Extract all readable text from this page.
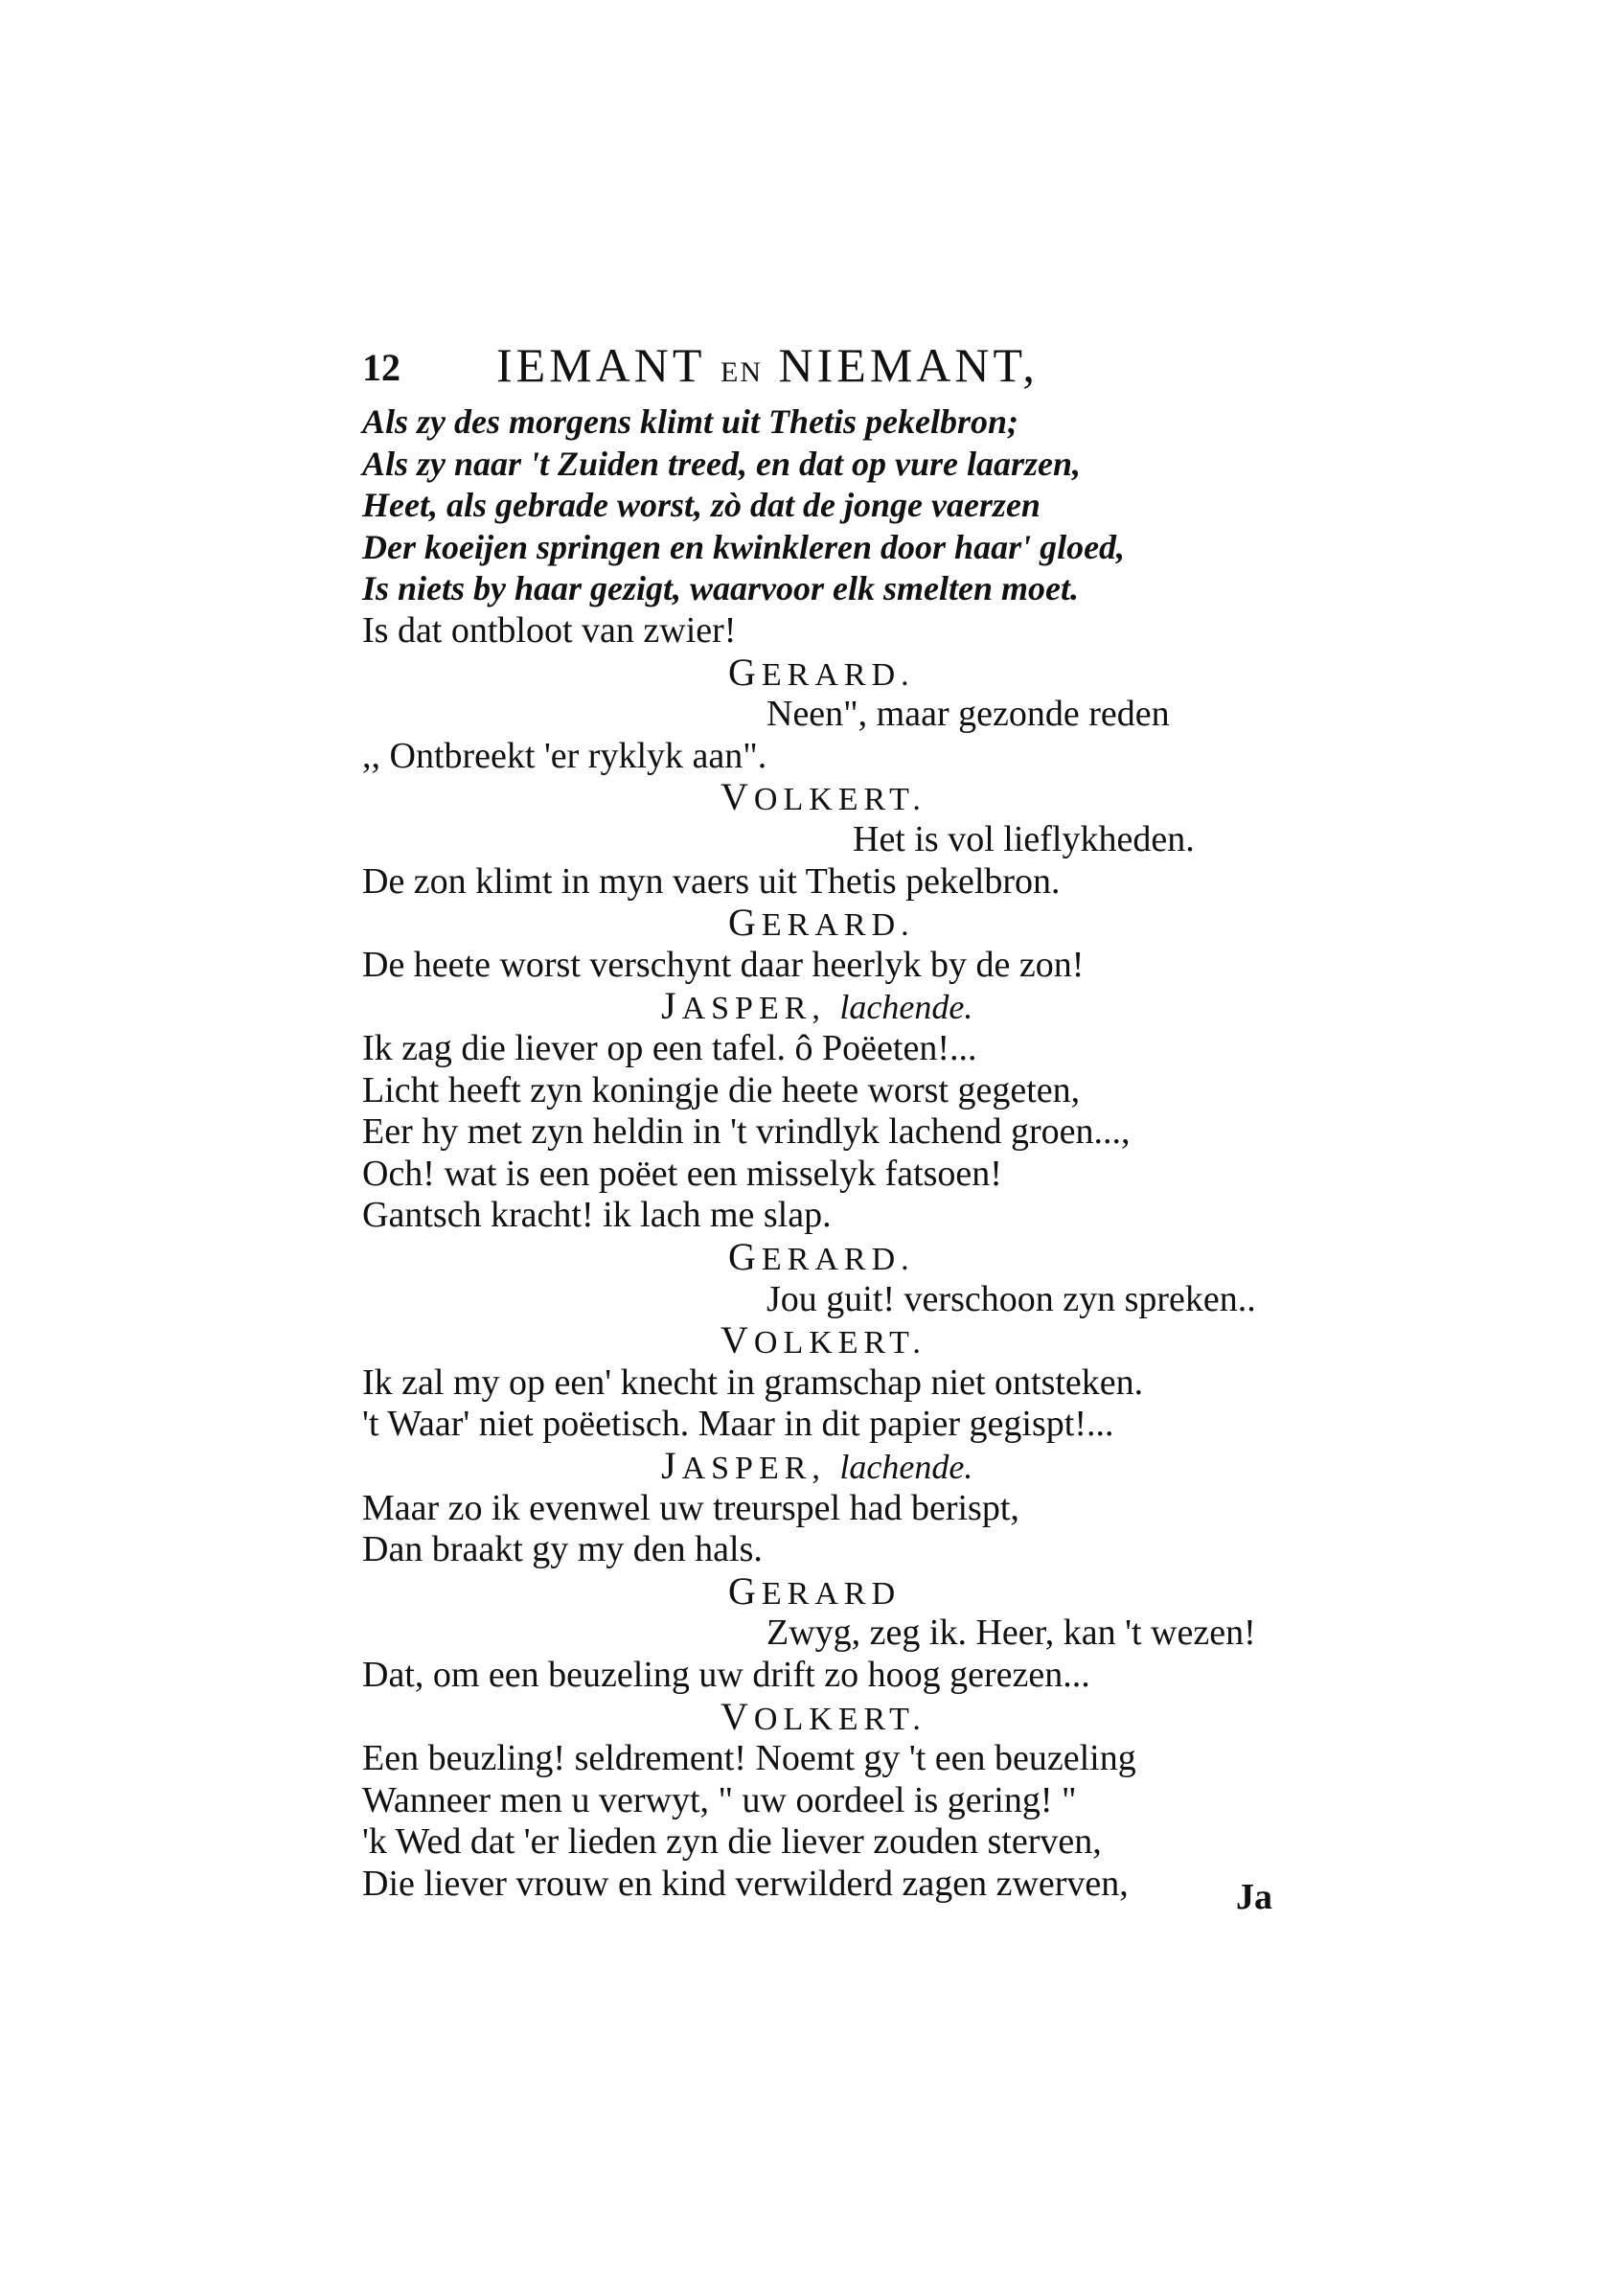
12 IEMANT EN NIEMANT,
Als zy des morgens klimt uit Thetis pekelbron;
Als zy naar 't Zuiden treed, en dat op vure laarzen,
Heet, als gebrade worst, zò dat de jonge vaerzen
Der koeijen springen en kwinkleren door haar' gloed,
Is niets by haar gezigt, waarvoor elk smelten moet.
Is dat ontbloot van zwier!
GERARD.
Neen", maar gezonde reden
,, Ontbreekt 'er ryklyk aan".
VOLKERT.
Het is vol lieflykheden.
De zon klimt in myn vaers uit Thetis pekelbron.
GERARD.
De heete worst verschynt daar heerlyk by de zon!
JASPER, lachende.
Ik zag die liever op een tafel. ô Poëeten!...
Licht heeft zyn koningje die heete worst gegeten,
Eer hy met zyn heldin in 't vrindlyk lachend groen...,
Och! wat is een poëet een misselyk fatsoen!
Gantsch kracht! ik lach me slap.
GERARD.
Jou guit! verschoon zyn spreken..
VOLKERT.
Ik zal my op een' knecht in gramschap niet ontsteken.
't Waar' niet poëetisch. Maar in dit papier gegispt!...
JASPER, lachende.
Maar zo ik evenwel uw treurspel had berispt,
Dan braakt gy my den hals.
GERARD
Zwyg, zeg ik. Heer, kan 't wezen!
Dat, om een beuzeling uw drift zo hoog gerezen...
VOLKERT.
Een beuzling! seldrement! Noemt gy 't een beuzeling
Wanneer men u verwyt, " uw oordeel is gering! "
'k Wed dat 'er lieden zyn die liever zouden sterven,
Die liever vrouw en kind verwilderd zagen zwerven,	Ja
